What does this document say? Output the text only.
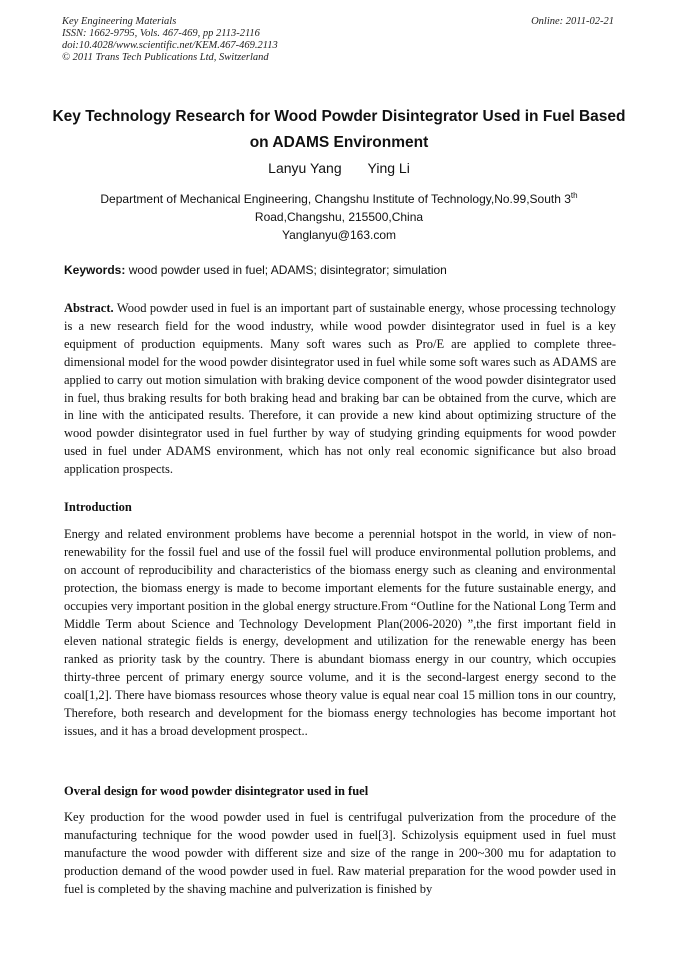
Key Engineering Materials
ISSN: 1662-9795, Vols. 467-469, pp 2113-2116
doi:10.4028/www.scientific.net/KEM.467-469.2113
© 2011 Trans Tech Publications Ltd, Switzerland
Online: 2011-02-21
Key Technology Research for Wood Powder Disintegrator Used in Fuel Based on ADAMS Environment
Lanyu Yang Ying Li
Department of Mechanical Engineering, Changshu Institute of Technology,No.99,South 3th
Road,Changshu, 215500,China
Yanglanyu@163.com
Keywords: wood powder used in fuel; ADAMS; disintegrator; simulation
Abstract. Wood powder used in fuel is an important part of sustainable energy, whose processing technology is a new research field for the wood industry, while wood powder disintegrator used in fuel is a key equipment of production equipments. Many soft wares such as Pro/E are applied to complete three-dimensional model for the wood powder disintegrator used in fuel while some soft wares such as ADAMS are applied to carry out motion simulation with braking device component of the wood powder disintegrator used in fuel, thus braking results for both braking head and braking bar can be obtained from the curve, which are in line with the anticipated results. Therefore, it can provide a new kind about optimizing structure of the wood powder disintegrator used in fuel further by way of studying grinding equipments for wood powder used in fuel under ADAMS environment, which has not only real economic significance but also broad application prospects.
Introduction
Energy and related environment problems have become a perennial hotspot in the world, in view of non-renewability for the fossil fuel and use of the fossil fuel will produce environmental pollution problems, and on account of reproducibility and characteristics of the biomass energy such as cleaning and environmental protection, the biomass energy is made to become important elements for the future sustainable energy, and occupies very important position in the global energy structure.From “Outline for the National Long Term and Middle Term about Science and Technology Development Plan(2006-2020) ”,the first important field in eleven national strategic fields is energy, development and utilization for the renewable energy has been ranked as priority task by the country. There is abundant biomass energy in our country, which occupies thirty-three percent of primary energy source volume, and it is the second-largest energy second to the coal[1,2]. There have biomass resources whose theory value is equal near coal 15 million tons in our country, Therefore, both research and development for the biomass energy technologies has become important hot issues, and it has a broad development prospect..
Overal design for wood powder disintegrator used in fuel
Key production for the wood powder used in fuel is centrifugal pulverization from the procedure of the manufacturing technique for the wood powder used in fuel[3]. Schizolysis equipment used in fuel must manufacture the wood powder with different size and size of the range in 200~300 mu for adaptation to production demand of the wood powder used in fuel. Raw material preparation for the wood powder used in fuel is completed by the shaving machine and pulverization is finished by
